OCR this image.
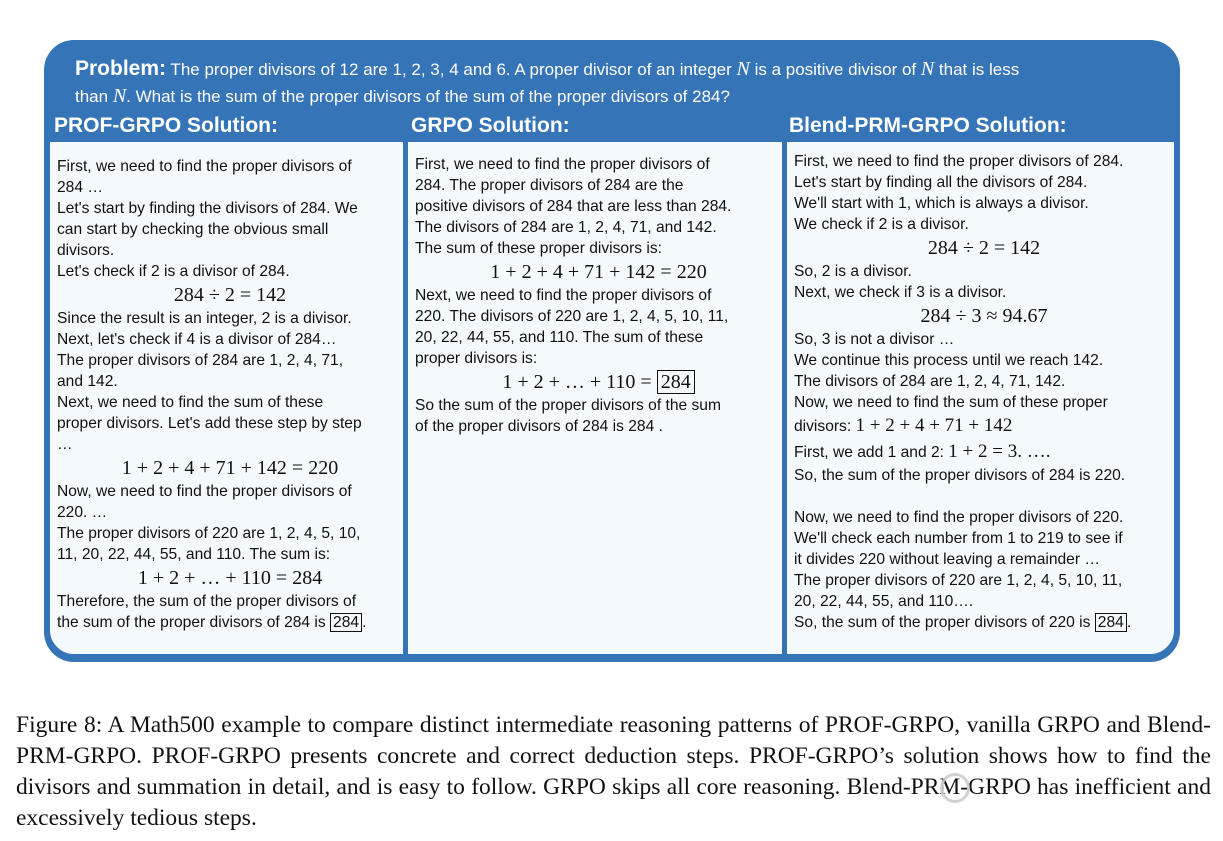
Problem: The proper divisors of 12 are 1, 2, 3, 4 and 6. A proper divisor of an integer N is a positive divisor of N that is less
than N. What is the sum of the proper divisors of the sum of the proper divisors of 284?
PROF-GRPO Solution:	GRPO Solution:	Blend-PRM-GRPO Solution:
First, we need to find the proper divisors of
284 …
Let's start by finding the divisors of 284. We
can start by checking the obvious small
divisors.
Let's check if 2 is a divisor of 284.
284 ÷ 2 = 142
Since the result is an integer, 2 is a divisor.
Next, let's check if 4 is a divisor of 284…
The proper divisors of 284 are 1, 2, 4, 71,
and 142.
Next, we need to find the sum of these
proper divisors. Let's add these step by step
…
1 + 2 + 4 + 71 + 142 = 220
Now, we need to find the proper divisors of
220. …
The proper divisors of 220 are 1, 2, 4, 5, 10,
11, 20, 22, 44, 55, and 110. The sum is:
1 + 2 + … + 110 = 284
Therefore, the sum of the proper divisors of
the sum of the proper divisors of 284 is 284 .
First, we need to find the proper divisors of
284. The proper divisors of 284 are the
positive divisors of 284 that are less than 284.
The divisors of 284 are 1, 2, 4, 71, and 142.
The sum of these proper divisors is:
1 + 2 + 4 + 71 + 142 = 220
Next, we need to find the proper divisors of
220. The divisors of 220 are 1, 2, 4, 5, 10, 11,
20, 22, 44, 55, and 110. The sum of these
proper divisors is:
1 + 2 + … + 110 = 284
So the sum of the proper divisors of the sum
of the proper divisors of 284 is 284 .
First, we need to find the proper divisors of 284.
Let's start by finding all the divisors of 284.
We'll start with 1, which is always a divisor.
We check if 2 is a divisor.
284 ÷ 2 = 142
So, 2 is a divisor.
Next, we check if 3 is a divisor.
284 ÷ 3 ≈ 94.67
So, 3 is not a divisor …
We continue this process until we reach 142.
The divisors of 284 are 1, 2, 4, 71, 142.
Now, we need to find the sum of these proper
divisors: 1 + 2 + 4 + 71 + 142
First, we add 1 and 2: 1 + 2 = 3. ….
So, the sum of the proper divisors of 284 is 220.
Now, we need to find the proper divisors of 220.
We'll check each number from 1 to 219 to see if
it divides 220 without leaving a remainder …
The proper divisors of 220 are 1, 2, 4, 5, 10, 11,
20, 22, 44, 55, and 110….
So, the sum of the proper divisors of 220 is 284 .
Figure 8: A Math500 example to compare distinct intermediate reasoning patterns of PROF-GRPO, vanilla GRPO and Blend-PRM-GRPO. PROF-GRPO presents concrete and correct deduction steps. PROF-GRPO’s solution shows how to find the divisors and summation in detail, and is easy to follow. GRPO skips all core reasoning. Blend-PRM-GRPO has inefficient and excessively tedious steps.
